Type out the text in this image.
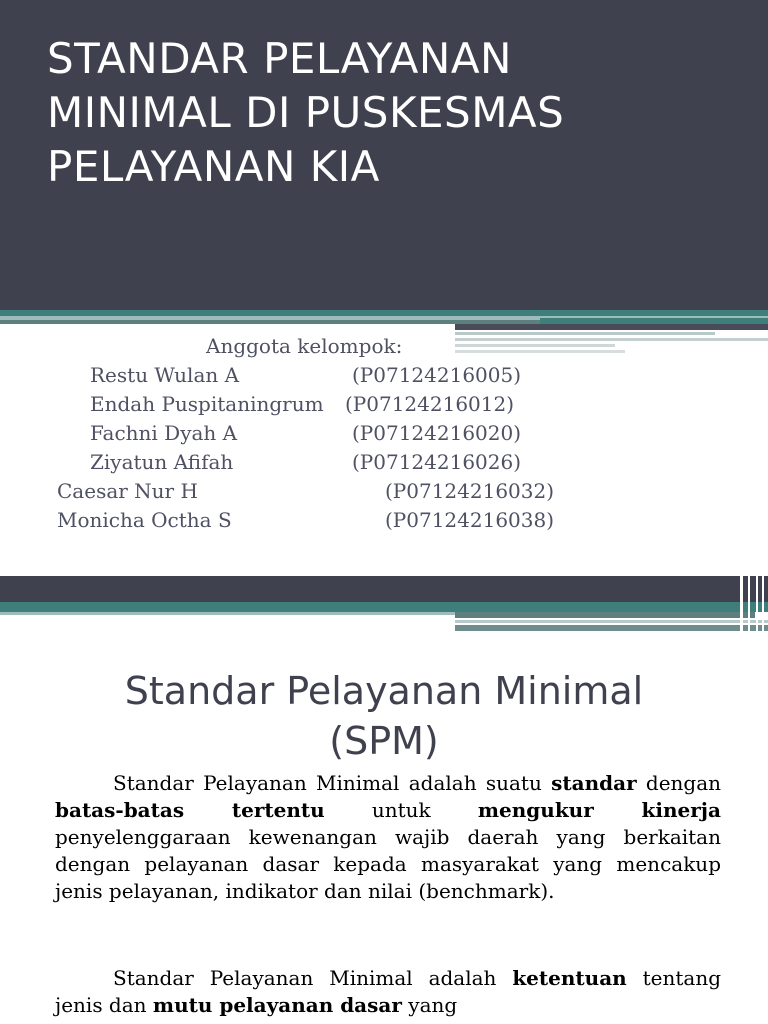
STANDAR PELAYANAN
MINIMAL DI PUSKESMAS
PELAYANAN KIA
Anggota kelompok:
Restu Wulan A	(P07124216005)
Endah Puspitaningrum (P07124216012)
Fachni Dyah A	(P07124216020)
Ziyatun Afifah	(P07124216026)
Caesar Nur H	(P07124216032)
Monicha Octha S	(P07124216038)
Standar Pelayanan Minimal
(SPM)

Standar Pelayanan Minimal adalah suatu standar dengan batas-batas tertentu untuk mengukur kinerja penyelenggaraan kewenangan wajib daerah yang berkaitan dengan pelayanan dasar kepada masyarakat yang mencakup jenis pelayanan, indikator dan nilai (benchmark).

Standar Pelayanan Minimal adalah ketentuan tentang jenis dan mutu pelayanan dasar yang
